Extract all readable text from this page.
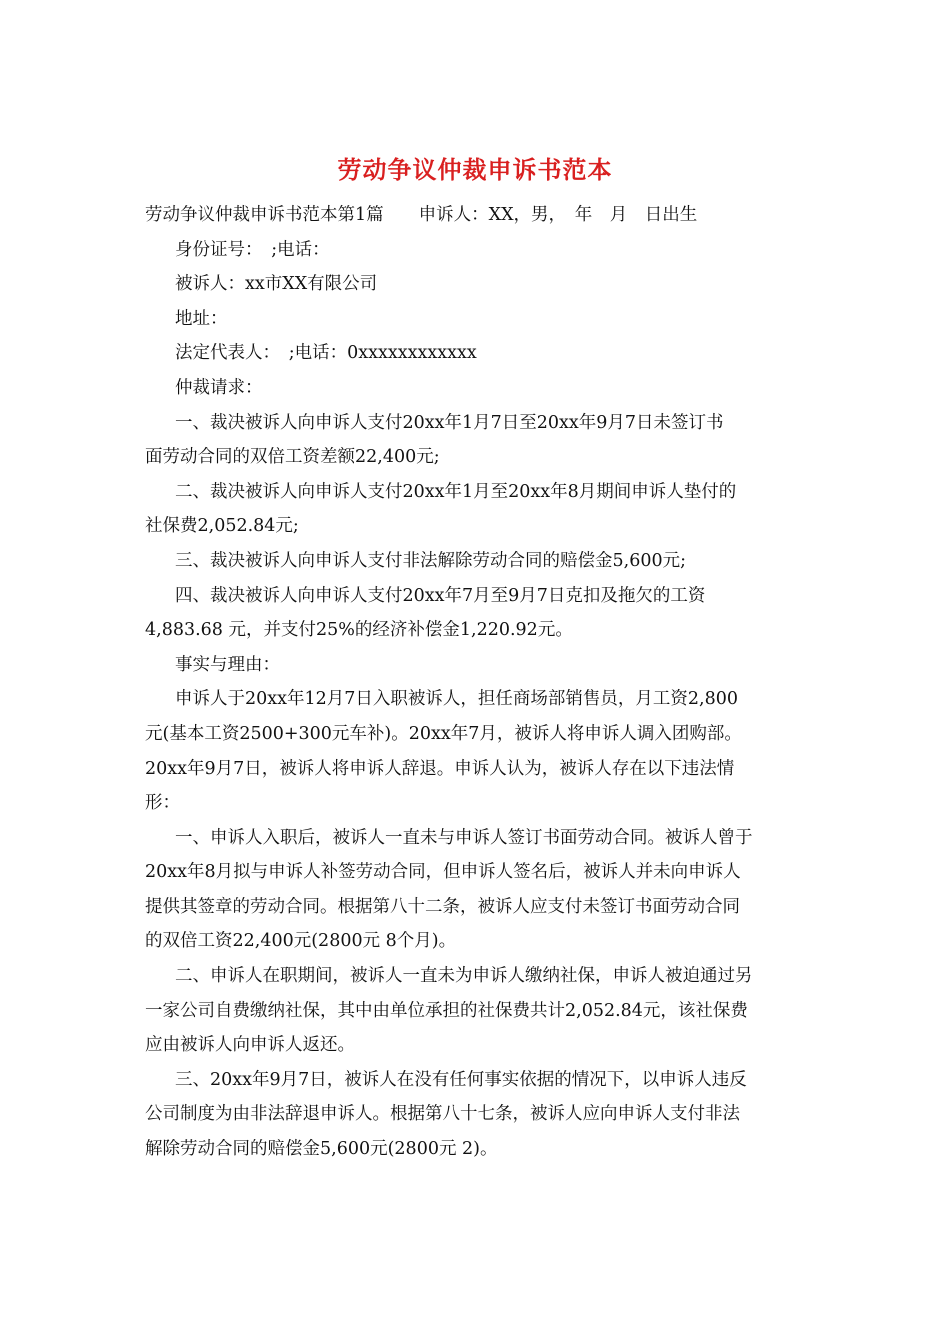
劳动争议仲裁申诉书范本

劳动争议仲裁申诉书范本第1篇　　申诉人：XX，男，　年　月　日出生

身份证号：　;电话：

被诉人：xx市XX有限公司

地址：

法定代表人：　;电话：0xxxxxxxxxxxx

仲裁请求：

一、裁决被诉人向申诉人支付20xx年1月7日至20xx年9月7日未签订书

面劳动合同的双倍工资差额22,400元;

二、裁决被诉人向申诉人支付20xx年1月至20xx年8月期间申诉人垫付的

社保费2,052.84元;

三、裁决被诉人向申诉人支付非法解除劳动合同的赔偿金5,600元;

四、裁决被诉人向申诉人支付20xx年7月至9月7日克扣及拖欠的工资

4,883.68 元，并支付25%的经济补偿金1,220.92元。

事实与理由：

申诉人于20xx年12月7日入职被诉人，担任商场部销售员，月工资2,800

元(基本工资2500+300元车补)。20xx年7月，被诉人将申诉人调入团购部。

20xx年9月7日，被诉人将申诉人辞退。申诉人认为，被诉人存在以下违法情

形：

一、申诉人入职后，被诉人一直未与申诉人签订书面劳动合同。被诉人曾于

20xx年8月拟与申诉人补签劳动合同，但申诉人签名后，被诉人并未向申诉人

提供其签章的劳动合同。根据第八十二条，被诉人应支付未签订书面劳动合同

的双倍工资22,400元(2800元 8个月)。

二、申诉人在职期间，被诉人一直未为申诉人缴纳社保，申诉人被迫通过另

一家公司自费缴纳社保，其中由单位承担的社保费共计2,052.84元，该社保费

应由被诉人向申诉人返还。

三、20xx年9月7日，被诉人在没有任何事实依据的情况下，以申诉人违反

公司制度为由非法辞退申诉人。根据第八十七条，被诉人应向申诉人支付非法

解除劳动合同的赔偿金5,600元(2800元 2)。
